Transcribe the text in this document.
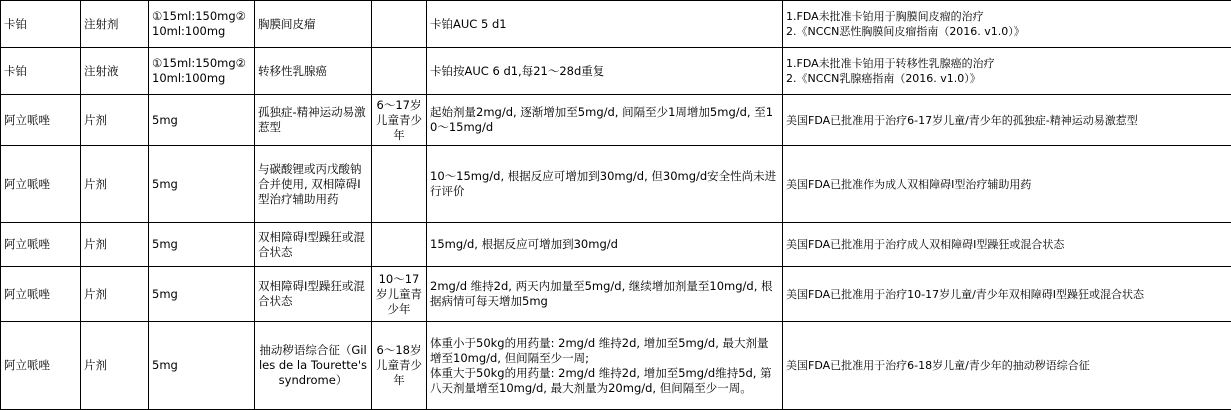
卡铂	注射剂	①15ml:150mg②10ml:100mg	胸膜间皮瘤		卡铂AUC 5 d1	1.FDA未批准卡铂用于胸膜间皮瘤的治疗
2.《NCCN恶性胸膜间皮瘤指南（2016. v1.0）》

卡铂	注射液	①15ml:150mg②10ml:100mg	转移性乳腺癌		卡铂按AUC 6 d1,每21～28d重复	1.FDA未批准卡铂用于转移性乳腺癌的治疗
2.《NCCN乳腺癌指南（2016. v1.0）》

阿立哌唑	片剂	5mg	孤独症-精神运动易激惹型	6～17岁儿童青少年	起始剂量2mg/d, 逐渐增加至5mg/d, 间隔至少1周增加5mg/d, 至10～15mg/d	美国FDA已批准用于治疗6-17岁儿童/青少年的孤独症-精神运动易激惹型
阿立哌唑	片剂	5mg	与碳酸锂或丙戊酸钠合并使用, 双相障碍Ⅰ型治疗辅助用药		10～15mg/d, 根据反应可增加到30mg/d, 但30mg/d安全性尚未进行评价	美国FDA已批准作为成人双相障碍Ⅰ型治疗辅助用药
阿立哌唑	片剂	5mg	双相障碍Ⅰ型躁狂或混合状态		15mg/d, 根据反应可增加到30mg/d	美国FDA已批准用于治疗成人双相障碍Ⅰ型躁狂或混合状态
阿立哌唑	片剂	5mg	双相障碍Ⅰ型躁狂或混合状态	10～17岁儿童青少年	2mg/d 维持2d, 两天内加量至5mg/d, 继续增加剂量至10mg/d, 根据病情可每天增加5mg	美国FDA已批准用于治疗10-17岁儿童/青少年双相障碍Ⅰ型躁狂或混合状态
阿立哌唑	片剂	5mg	抽动秽语综合征（Gilles de la Tourette's syndrome）	6～18岁儿童青少年	体重小于50kg的用药量: 2mg/d 维持2d, 增加至5mg/d, 最大剂量增至10mg/d, 但间隔至少一周;
体重大于50kg的用药量: 2mg/d 维持2d, 增加至5mg/d维持5d, 第八天剂量增至10mg/d, 最大剂量为20mg/d, 但间隔至少一周。	美国FDA已批准用于治疗6-18岁儿童/青少年的抽动秽语综合征
